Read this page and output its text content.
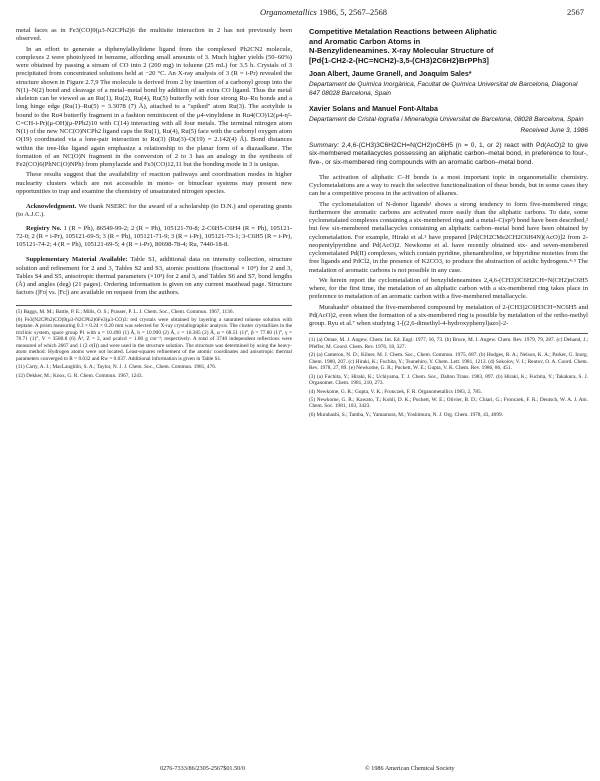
Organometallics 1986, 5, 2567–2568	2567

metal faces as in Fe3(CO)9(μ3-N2CPh2)6 the multisite interaction in 2 has not previously been observed.

In an effort to generate a diphenylalkylidene ligand from the complexed Ph2CN2 molecule, complexes 2 were photolyzed in benzene, affording small amounts of 3. Much higher yields (50–60%) were obtained by passing a stream of CO into 2 (200 mg) in toluene (25 mL) for 3.5 h. Crystals of 3 precipitated from concentrated solutions held at −20 °C. An X-ray analysis of 3 (R = i-Pr) revealed the structure shown in Figure 2.7,9 The molecule is derived from 2 by insertion of a carbonyl group into the N(1)–N(2) bond and cleavage of a metal–metal bond by addition of an extra CO ligand. Thus the metal skeleton can be viewed as an Ru(1), Ru(2), Ru(4), Ru(5) butterfly with four strong Ru–Ru bonds and a long hinge edge (Ru(1)–Ru(5) = 3.3078 (7) Å), attached to a "spiked" atom Ru(3). The acetylide is bound to the Ru4 butterfly fragment in a fashion reminiscent of the μ4-vinylidene in Ru4(CO)12(μ4-η²-C=CH-i-Pr)(μ-OH)(μ-PPh2)10 with C(14) interacting with all four metals. The terminal nitrogen atom N(1) of the new NCC(O)NCPh2 ligand caps the Ru(1), Ru(4), Ru(5) face with the carbonyl oxygen atom O(19) coordinated via a lone-pair interaction to Ru(3) (Ru(3)–O(19) = 2.142(4) Å). Bond distances within the tree-like ligand again emphasize a relationship to the planar form of a diazaalkane. The formation of an NC(O)N fragment in the conversion of 2 to 3 has an analogy in the synthesis of Fe2(CO)6(PhNC(O)NPh) from phenylazide and Fe3(CO)12,11 but the bonding mode in 3 is unique.

These results suggest that the availability of reaction pathways and coordination modes in higher nuclearity clusters which are not accessible in mono- or binuclear systems may present new opportunities to trap and examine the chemistry of unsaturated nitrogen species.

Acknowledgment. We thank NSERC for the award of a scholarship (to D.N.) and operating grants (to A.J.C.).

Registry No. 1 (R = Ph), 86549-99-2; 2 (R = Ph), 105121-70-8; 2-C6H5-C6H4 (R = Ph), 105121-72-0; 2 (R = i-Pr), 105121-69-5; 3 (R = Ph), 105121-71-9; 3 (R = i-Pr), 105121-73-1; 3-C6H5 (R = i-Pr), 105121-74-2; 4 (R = Ph), 105121-69-5; 4 (R = i-Pr), 80698-78-4; Ru, 7440-18-8.

Supplementary Material Available: Table S1, additional data on intensity collection, structure solution and refinement for 2 and 3, Tables S2 and S3, atomic positions (fractional × 10⁴) for 2 and 3, Tables S4 and S5, anisotropic thermal parameters (×10³) for 2 and 3, and Tables S6 and S7, bond lengths (Å) and angles (deg) (21 pages). Ordering information is given on any current masthead page. Structure factors (|Fo| vs. |Fc|) are available on request from the authors.

(5) Baggs, M. M.; Battle, P. E.; Mills, O. S.; Prasser, P. L. J. Chem. Soc., Chem. Commun. 1967, 1136.

(6) Fe3(N2CPh2)CO)9(μ3-N2CPh2)6Fe3(μ3-CO)3: red crystals were obtained by layering a saturated toluene solution with heptane. A prism measuring 0.3 × 0.24 × 0.20 mm was selected for X-ray crystallographic analysis. The cluster crystallizes in the triclinic system, space group P1 with a = 10.490 (1) Å, b = 10.990 (2) Å, c = 16.385 (2) Å, α = 68.51 (1)°, β = 77.80 (1)°, γ = 70.71 (1)°, V = 3580.8 (6) Å³, Z = 2, and ρcalcd = 1.80 g cm⁻³; respectively. A total of 3740 independent reflections were measured of which 2667 and 1 (2 σ(I)) and were used in the structure solution. The structure was determined by using the heavy-atom method. Hydrogen atoms were not located. Least-squares refinement of the atomic coordinates and anisotropic thermal parameters converged to R = 0.032 and Rw = 0.037. Additional information is given in Table S1.

(11) Carty, A. J.; MacLaughlin, S. A.; Taylor, N. J. J. Chem. Soc., Chem. Commun. 1981, 476.

(12) Dekker, M.; Knox, G. R. Chem. Commun. 1967, 1243.

Competitive Metalation Reactions between Aliphatic
and Aromatic Carbon Atoms in
N-Benzylideneamines. X-ray Molecular Structure of
[Pd{1-CH2-2-(HC=NCH2)-3,5-(CH3)2C6H2}BrPPh3]
Joan Albert, Jaume Granell, and Joaquím Sales*
Departament de Química Inorgànica, Facultat de Química Universitat de Barcelona, Diagonal 647 08028 Barcelona, Spain
Xavier Solans and Manuel Font-Altaba
Departament de Cristal·lografia i Mineralogia Universitat de Barcelona, 08028 Barcelona, Spain
Received June 3, 1986

Summary: 2,4,6-(CH3)3C6H2CH=N(CH2)nC6H5 (n = 0, 1, or 2) react with Pd(AcO)2 to give six-membered metallacycles possessing an aliphatic carbon–metal bond, in preference to four-, five-, or six-membered ring compounds with an aromatic carbon–metal bond.

The activation of aliphatic C–H bonds is a most important topic in organometallic chemistry. Cyclometalations are a way to reach the selective functionalization of these bonds, but in some cases they can be a competitive process in the activation of alkanes.

The cyclometalation of N-donor ligands¹ shows a strong tendency to form five-membered rings; furthermore the aromatic carbons are activated more easily than the aliphatic carbons. To date, some cyclometalated complexes containing a six-membered ring and a metal–C(sp³) bond have been described,² but few six-membered metallacycles containing an aliphatic carbon–metal bond have been obtained by cyclometalation. For example, Hiraki et al.³ have prepared [Pd(CH2CMe2CH2C6H4N)(AcO)]2 from 2-neopentylpyridine and Pd(AcO)2. Newkome et al. have recently obtained six- and seven-membered cyclometalated Pd(II) complexes, which contain pyridine, phenanthroline, or bipyridine moieties from the free ligands and PdCl2, in the presence of K2CO3, to produce the abstraction of acidic hydrogens.⁴·⁵ The metalation of aromatic carbons is not possible in any case.

We herein report the cyclometalation of benzylideneamines 2,4,6-(CH3)3C6H2CH=N(CH2)nC6H5 where, for the first time, the metalation of an aliphatic carbon with a six-membered ring takes place in preference to metalation of an aromatic carbon with a five-membered metallacycle.

Murahashi⁶ obtained the five-membered compound by metalation of 2-(CH3)2C6H3CH=NC6H5 and Pd(AcO)2, even when the formation of a six-membered ring is possible by metalation of the ortho-methyl group. Ryu et al.⁷ when studying 1-[(2,6-dimethyl-4-hydroxyphenyl)azo]-2-

(1) (a) Omae, M. J. Angew. Chem. Int. Ed. Engl. 1977, 16, 73. (b) Bruce, M. I. Angew. Chem. Rev. 1979, 79, 287. (c) Dehand, J.; Pfeffer, M. Coord. Chem. Rev. 1976, 18, 327.

(2) (a) Cameron, N. D.; Kilner, M. J. Chem. Soc., Chem. Commun. 1975, 687. (b) Hodges, R. A.; Nelson, K. A.; Parker, G. Inorg. Chem. 1980, 207. (c) Hiraki, K.; Fuchita, Y.; Tsunehiro, Y. Chem. Lett. 1981, 1213. (d) Sokolov, V. I.; Reutov, O. A. Coord. Chem. Rev. 1978, 27, 89. (e) Newkome, G. R.; Puckett, W. E.; Gupta, V. K. Chem. Rev. 1986, 86, 451.

(3) (a) Fuchita, Y.; Hiraki, K.; Uchiyama, T. J. Chem. Soc., Dalton Trans. 1983, 897. (b) Hiraki, K.; Fuchita, Y.; Takakura, S. J. Organomet. Chem. 1981, 210, 273.

(4) Newkome, G. R.; Gupta, V. K.; Fronczek, F. R. Organometallics 1983, 2, 785.

(5) Newkome, G. R.; Kawato, T.; Kohli, D. K.; Puckett, W. E.; Olivier, B. D.; Chiari, G.; Fronczek, F. R.; Deutsch, W. A. J. Am. Chem. Soc. 1981, 103, 3423.

(6) Murahashi, S.; Tamba, Y.; Yamamura, M.; Yoshimura, N. J. Org. Chem. 1978, 43, 4099.

0276-7333/86/2305-2567$01.50/0	© 1986 American Chemical Society
